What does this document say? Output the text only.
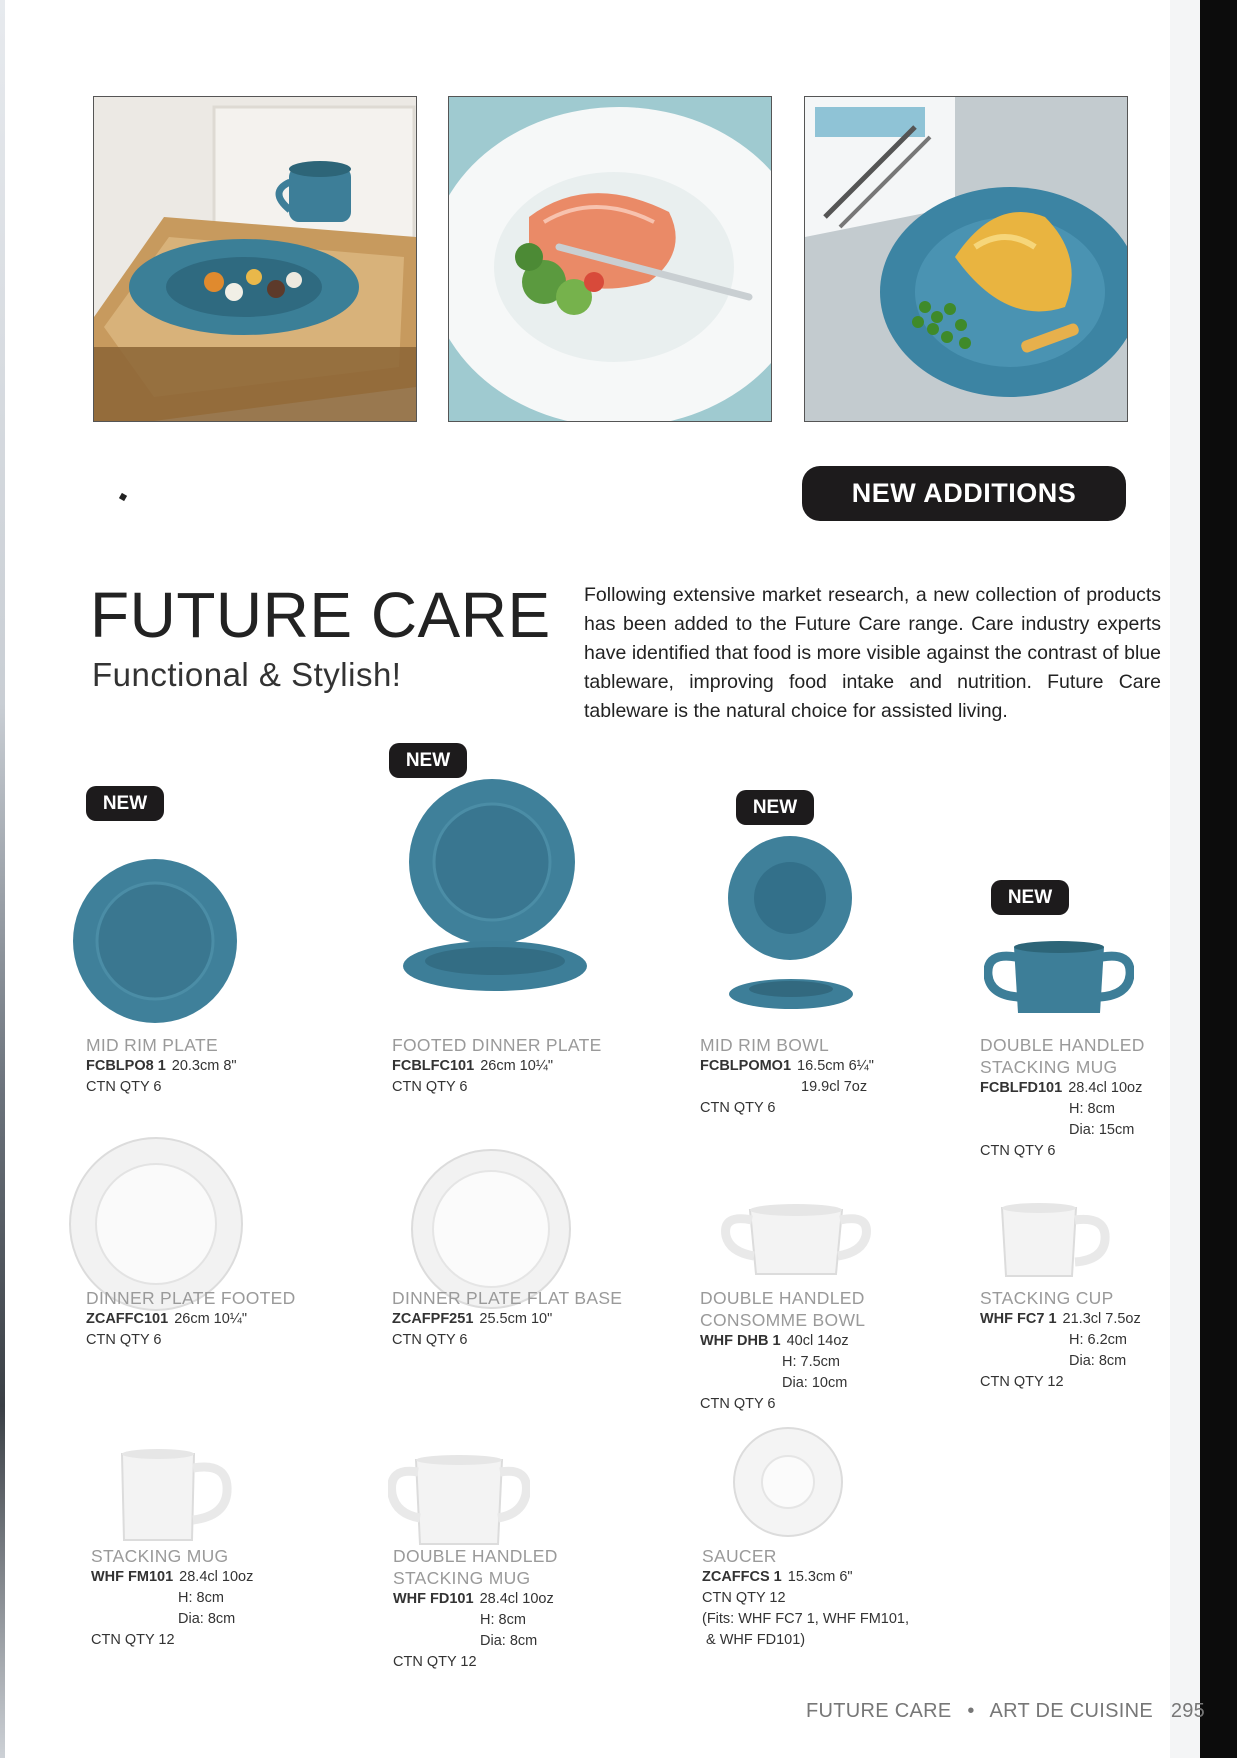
NEW ADDITIONS
FUTURE CARE
Functional & Stylish!
Following extensive market research, a new collection of products has been added to the Future Care range. Care industry experts have identified that food is more visible against the contrast of blue tableware, improving food intake and nutrition. Future Care tableware is the natural choice for assisted living.
NEW
NEW
NEW
NEW
MID RIM PLATE
FCBLPO8 1 20.3cm 8"
CTN QTY 6
FOOTED DINNER PLATE
FCBLFC101 26cm 10¼"
CTN QTY 6
MID RIM BOWL
FCBLPOMO1 16.5cm 6¼"
19.9cl 7oz
CTN QTY 6
DOUBLE HANDLED
STACKING MUG
FCBLFD101 28.4cl 10oz
H: 8cm
Dia: 15cm
CTN QTY 6
DINNER PLATE FOOTED
ZCAFFC101 26cm 10¼"
CTN QTY 6
DINNER PLATE FLAT BASE
ZCAFPF251 25.5cm 10"
CTN QTY 6
DOUBLE HANDLED
CONSOMME BOWL
WHF DHB 1 40cl 14oz
H: 7.5cm
Dia: 10cm
CTN QTY 6
STACKING CUP
WHF FC7 1 21.3cl 7.5oz
H: 6.2cm
Dia: 8cm
CTN QTY 12
STACKING MUG
WHF FM101 28.4cl 10oz
H: 8cm
Dia: 8cm
CTN QTY 12
DOUBLE HANDLED
STACKING MUG
WHF FD101 28.4cl 10oz
H: 8cm
Dia: 8cm
CTN QTY 12
SAUCER
ZCAFFCS 1 15.3cm 6"
CTN QTY 12
(Fits: WHF FC7 1, WHF FM101,
& WHF FD101)
FUTURE CARE • ART DE CUISINE 295
